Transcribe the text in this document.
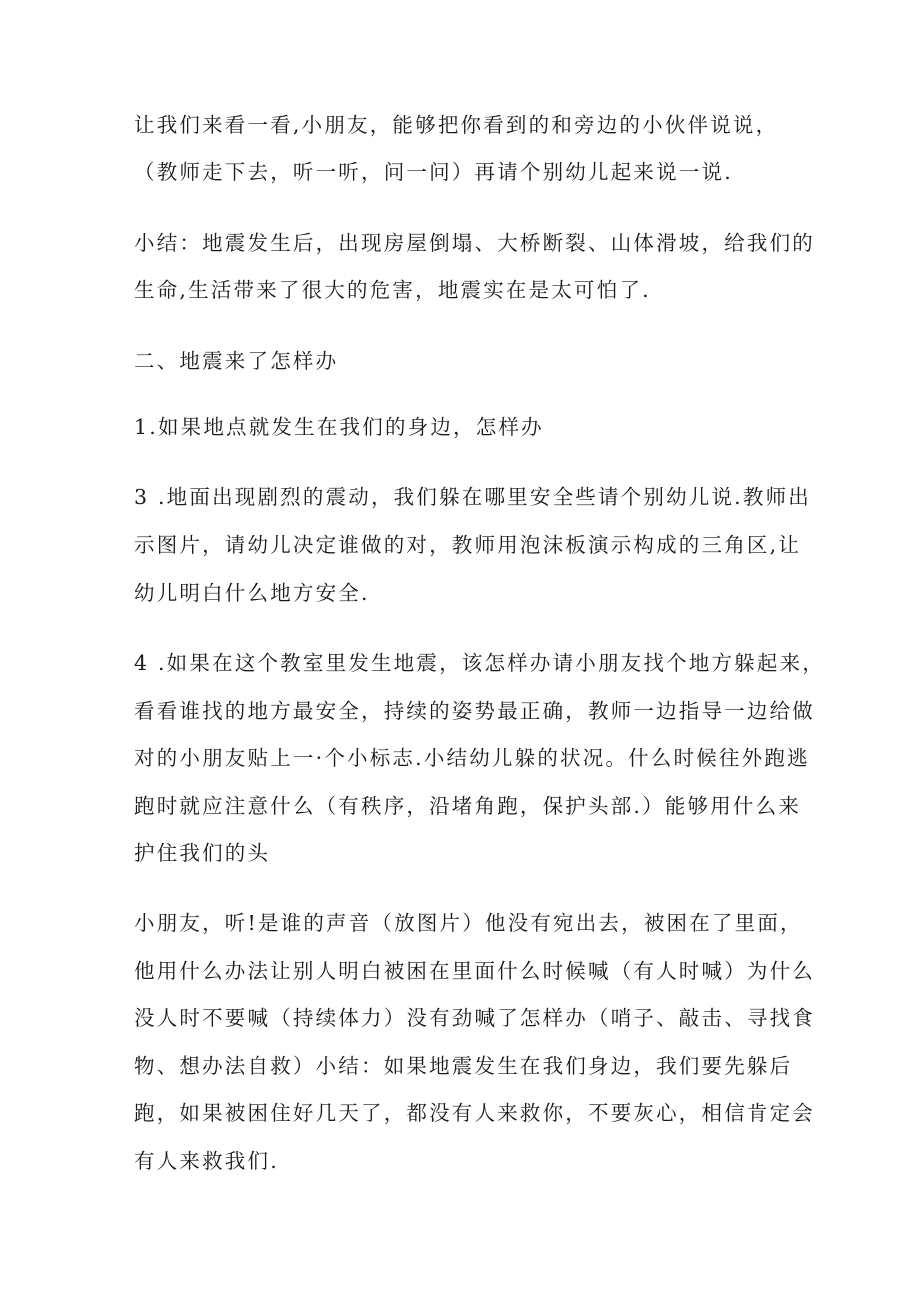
让我们来看一看,小朋友，能够把你看到的和旁边的小伙伴说说，
（教师走下去，听一听，问一问）再请个别幼儿起来说一说.
小结：地震发生后，出现房屋倒塌、大桥断裂、山体滑坡，给我们的
生命,生活带来了很大的危害，地震实在是太可怕了.
二、地震来了怎样办
1.如果地点就发生在我们的身边，怎样办
3 .地面出现剧烈的震动，我们躲在哪里安全些请个别幼儿说.教师出
示图片，请幼儿决定谁做的对，教师用泡沫板演示构成的三角区,让
幼儿明白什么地方安全.
4 .如果在这个教室里发生地震，该怎样办请小朋友找个地方躲起来，
看看谁找的地方最安全，持续的姿势最正确，教师一边指导一边给做
对的小朋友贴上一·个小标志.小结幼儿躲的状况。什么时候往外跑逃
跑时就应注意什么（有秩序，沿堵角跑，保护头部.）能够用什么来
护住我们的头
小朋友，听!是谁的声音（放图片）他没有宛出去，被困在了里面，
他用什么办法让别人明白被困在里面什么时候喊（有人时喊）为什么
没人时不要喊（持续体力）没有劲喊了怎样办（哨子、敲击、寻找食
物、想办法自救）小结：如果地震发生在我们身边，我们要先躲后
跑，如果被困住好几天了，都没有人来救你，不要灰心，相信肯定会
有人来救我们.
